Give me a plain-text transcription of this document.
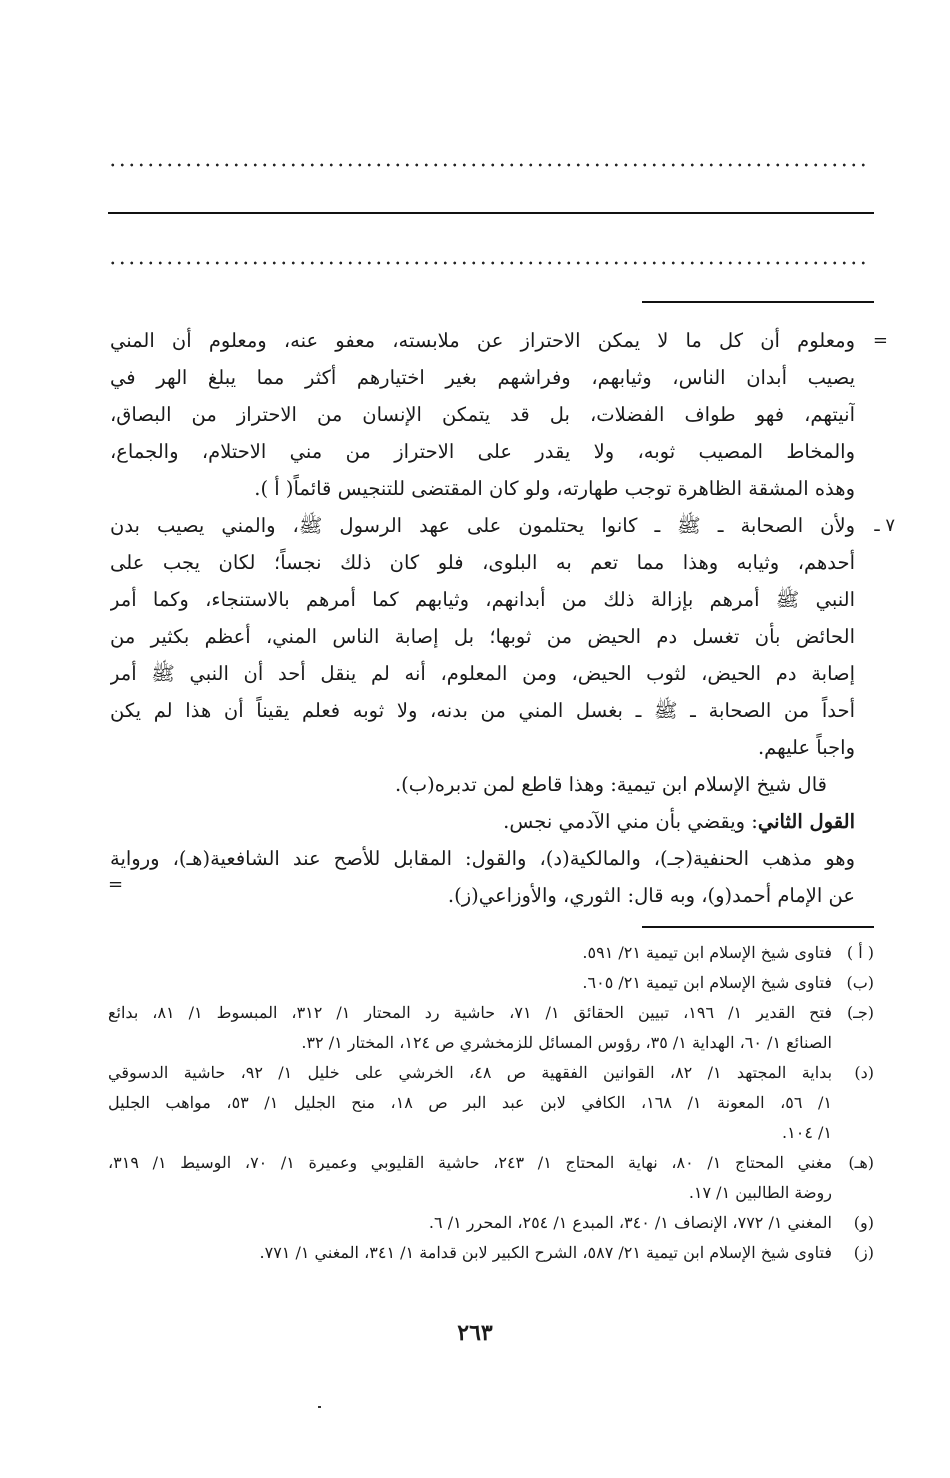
=
٧ ـ
=
ومعلوم أن كل ما لا يمكن الاحتراز عن ملابسته، معفو عنه، ومعلوم أن المني
يصيب أبدان الناس، وثيابهم، وفراشهم بغير اختيارهم أكثر مما يبلغ الهر في
آنيتهم، فهو طواف الفضلات، بل قد يتمكن الإنسان من الاحتراز من البصاق،
والمخاط المصيب ثوبه، ولا يقدر على الاحتراز من مني الاحتلام، والجماع،
وهذه المشقة الظاهرة توجب طهارته، ولو كان المقتضى للتنجيس قائماً( أ ).
ولأن الصحابة ـ ﷺ ـ كانوا يحتلمون على عهد الرسول ﷺ، والمني يصيب بدن
أحدهم، وثيابه وهذا مما تعم به البلوى، فلو كان ذلك نجساً؛ لكان يجب على
النبي ﷺ أمرهم بإزالة ذلك من أبدانهم، وثيابهم كما أمرهم بالاستنجاء، وكما أمر
الحائض بأن تغسل دم الحيض من ثوبها؛ بل إصابة الناس المني، أعظم بكثير من
إصابة دم الحيض، لثوب الحيض، ومن المعلوم، أنه لم ينقل أحد أن النبي ﷺ أمر
أحداً من الصحابة ـ ﷺ ـ بغسل المني من بدنه، ولا ثوبه فعلم يقيناً أن هذا لم يكن
واجباً عليهم.
قال شيخ الإسلام ابن تيمية: وهذا قاطع لمن تدبره(ب).
القول الثاني: ويقضي بأن مني الآدمي نجس.
وهو مذهب الحنفية(جـ)، والمالكية(د)، والقول: المقابل للأصح عند الشافعية(هـ)، ورواية
عن الإمام أحمد(و)، وبه قال: الثوري، والأوزاعي(ز).
( أ )
فتاوى شيخ الإسلام ابن تيمية ٢١/ ٥٩١.
(ب)
فتاوى شيخ الإسلام ابن تيمية ٢١/ ٦٠٥.
(جـ)
فتح القدير ١/ ١٩٦، تبيين الحقائق ١/ ٧١، حاشية رد المحتار ١/ ٣١٢، المبسوط ١/ ٨١، بدائع
الصنائع ١/ ٦٠، الهداية ١/ ٣٥، رؤوس المسائل للزمخشري ص ١٢٤، المختار ١/ ٣٢.
(د)
بداية المجتهد ١/ ٨٢، القوانين الفقهية ص ٤٨، الخرشي على خليل ١/ ٩٢، حاشية الدسوقي
١/ ٥٦، المعونة ١/ ١٦٨، الكافي لابن عبد البر ص ١٨، منح الجليل ١/ ٥٣، مواهب الجليل
١/ ١٠٤.
(هـ)
مغني المحتاج ١/ ٨٠، نهاية المحتاج ١/ ٢٤٣، حاشية القليوبي وعميرة ١/ ٧٠، الوسيط ١/ ٣١٩،
روضة الطالبين ١/ ١٧.
(و)
المغني ١/ ٧٧٢، الإنصاف ١/ ٣٤٠، المبدع ١/ ٢٥٤، المحرر ١/ ٦.
(ز)
فتاوى شيخ الإسلام ابن تيمية ٢١/ ٥٨٧، الشرح الكبير لابن قدامة ١/ ٣٤١، المغني ١/ ٧٧١.
٢٦٣
